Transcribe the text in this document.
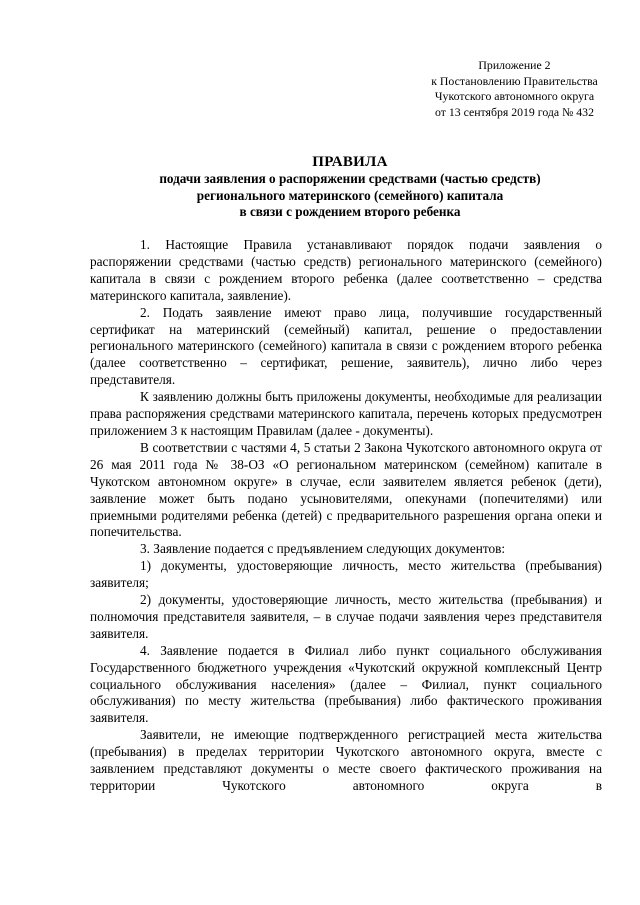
Приложение 2
к Постановлению Правительства
Чукотского автономного округа
от 13 сентября 2019 года № 432
ПРАВИЛА
подачи заявления о распоряжении средствами (частью средств)
регионального материнского (семейного) капитала
в связи с рождением второго ребенка

1. Настоящие Правила устанавливают порядок подачи заявления о распоряжении средствами (частью средств) регионального материнского (семейного) капитала в связи с рождением второго ребенка (далее соответственно – средства материнского капитала, заявление).

2. Подать заявление имеют право лица, получившие государственный сертификат на материнский (семейный) капитал, решение о предоставлении регионального материнского (семейного) капитала в связи с рождением второго ребенка (далее соответственно – сертификат, решение, заявитель), лично либо через представителя.

К заявлению должны быть приложены документы, необходимые для реализации права распоряжения средствами материнского капитала, перечень которых предусмотрен приложением 3 к настоящим Правилам (далее - документы).

В соответствии с частями 4, 5 статьи 2 Закона Чукотского автономного округа от 26 мая 2011 года № 38-ОЗ «О региональном материнском (семейном) капитале в Чукотском автономном округе» в случае, если заявителем является ребенок (дети), заявление может быть подано усыновителями, опекунами (попечителями) или приемными родителями ребенка (детей) с предварительного разрешения органа опеки и попечительства.

3. Заявление подается с предъявлением следующих документов:

1) документы, удостоверяющие личность, место жительства (пребывания) заявителя;

2) документы, удостоверяющие личность, место жительства (пребывания) и полномочия представителя заявителя, – в случае подачи заявления через представителя заявителя.

4. Заявление подается в Филиал либо пункт социального обслуживания Государственного бюджетного учреждения «Чукотский окружной комплексный Центр социального обслуживания населения» (далее – Филиал, пункт социального обслуживания) по месту жительства (пребывания) либо фактического проживания заявителя.

Заявители, не имеющие подтвержденного регистрацией места жительства (пребывания) в пределах территории Чукотского автономного округа, вместе с заявлением представляют документы о месте своего фактического проживания на территории Чукотского автономного округа в
